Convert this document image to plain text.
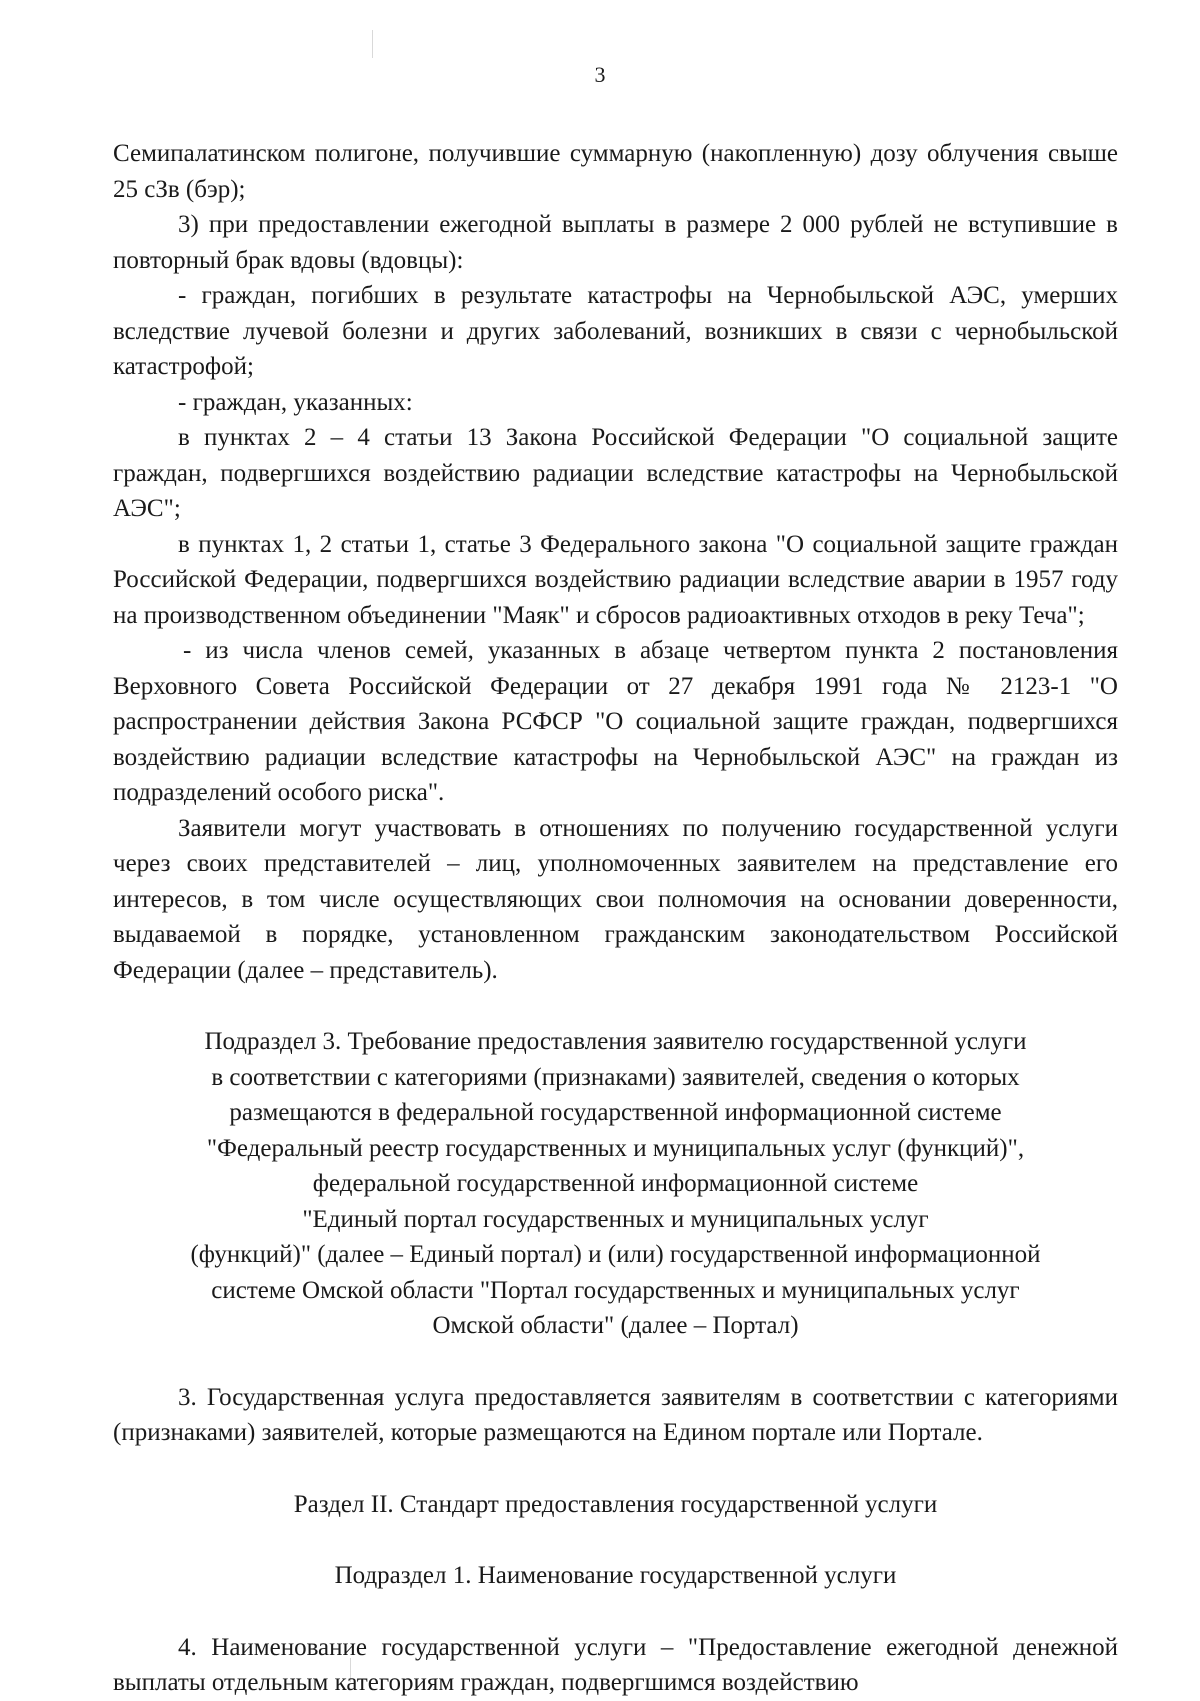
3

Семипалатинском полигоне, получившие суммарную (накопленную) дозу облучения свыше 25 сЗв (бэр);

3) при предоставлении ежегодной выплаты в размере 2 000 рублей не вступившие в повторный брак вдовы (вдовцы):

- граждан, погибших в результате катастрофы на Чернобыльской АЭС, умерших вследствие лучевой болезни и других заболеваний, возникших в связи с чернобыльской катастрофой;

- граждан, указанных:

в пунктах 2 – 4 статьи 13 Закона Российской Федерации "О социальной защите граждан, подвергшихся воздействию радиации вследствие катастрофы на Чернобыльской АЭС";

в пунктах 1, 2 статьи 1, статье 3 Федерального закона "О социальной защите граждан Российской Федерации, подвергшихся воздействию радиации вследствие аварии в 1957 году на производственном объединении "Маяк" и сбросов радиоактивных отходов в реку Теча";

- из числа членов семей, указанных в абзаце четвертом пункта 2 постановления Верховного Совета Российской Федерации от 27 декабря 1991 года № 2123-1 "О распространении действия Закона РСФСР "О социальной защите граждан, подвергшихся воздействию радиации вследствие катастрофы на Чернобыльской АЭС" на граждан из подразделений особого риска".

Заявители могут участвовать в отношениях по получению государственной услуги через своих представителей – лиц, уполномоченных заявителем на представление его интересов, в том числе осуществляющих свои полномочия на основании доверенности, выдаваемой в порядке, установленном гражданским законодательством Российской Федерации (далее – представитель).

Подраздел 3. Требование предоставления заявителю государственной услуги

в соответствии с категориями (признаками) заявителей, сведения о которых

размещаются в федеральной государственной информационной системе

"Федеральный реестр государственных и муниципальных услуг (функций)",

федеральной государственной информационной системе

"Единый портал государственных и муниципальных услуг

(функций)" (далее – Единый портал) и (или) государственной информационной

системе Омской области "Портал государственных и муниципальных услуг

Омской области" (далее – Портал)

3. Государственная услуга предоставляется заявителям в соответствии с категориями (признаками) заявителей, которые размещаются на Едином портале или Портале.

Раздел II. Стандарт предоставления государственной услуги

Подраздел 1. Наименование государственной услуги

4. Наименование государственной услуги – "Предоставление ежегодной денежной выплаты отдельным категориям граждан, подвергшимся воздействию
